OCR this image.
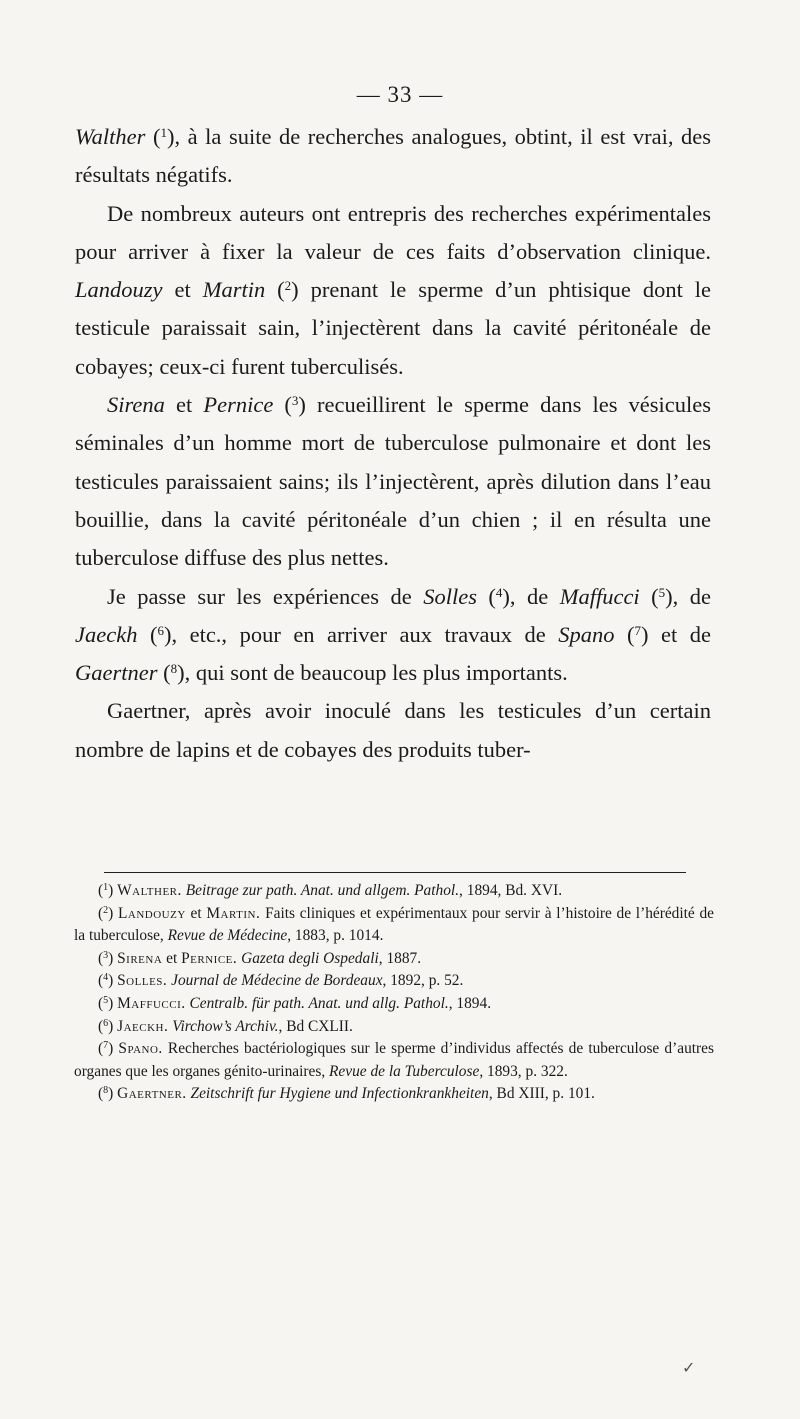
— 33 —

Walther ($^1$), à la suite de recherches analogues, obtint, il est vrai, des résultats négatifs.

De nombreux auteurs ont entrepris des recherches expérimentales pour arriver à fixer la valeur de ces faits d’observation clinique. Landouzy et Martin ($^2$) prenant le sperme d’un phtisique dont le testicule paraissait sain, l’injectèrent dans la cavité péritonéale de cobayes; ceux-ci furent tuberculisés.

Sirena et Pernice ($^3$) recueillirent le sperme dans les vésicules séminales d’un homme mort de tuberculose pulmonaire et dont les testicules paraissaient sains; ils l’injectèrent, après dilution dans l’eau bouillie, dans la cavité péritonéale d’un chien ; il en résulta une tuberculose diffuse des plus nettes.

Je passe sur les expériences de Solles ($^4$), de Maffucci ($^5$), de Jaeckh ($^6$), etc., pour en arriver aux travaux de Spano ($^7$) et de Gaertner ($^8$), qui sont de beaucoup les plus importants.

Gaertner, après avoir inoculé dans les testicules d’un certain nombre de lapins et de cobayes des produits tuber-

($^1$) Walther. Beitrage zur path. Anat. und allgem. Pathol., 1894, Bd. XVI.

($^2$) Landouzy et Martin. Faits cliniques et expérimentaux pour servir à l’histoire de l’hérédité de la tuberculose, Revue de Médecine, 1883, p. 1014.

($^3$) Sirena et Pernice. Gazeta degli Ospedali, 1887.

($^4$) Solles. Journal de Médecine de Bordeaux, 1892, p. 52.

($^5$) Maffucci. Centralb. für path. Anat. und allg. Pathol., 1894.

($^6$) Jaeckh. Virchow’s Archiv., Bd CXLII.

($^7$) Spano. Recherches bactériologiques sur le sperme d’individus affectés de tuberculose d’autres organes que les organes génito-urinaires, Revue de la Tuberculose, 1893, p. 322.

($^8$) Gaertner. Zeitschrift fur Hygiene und Infectionkrankheiten, Bd XIII, p. 101.

✓
